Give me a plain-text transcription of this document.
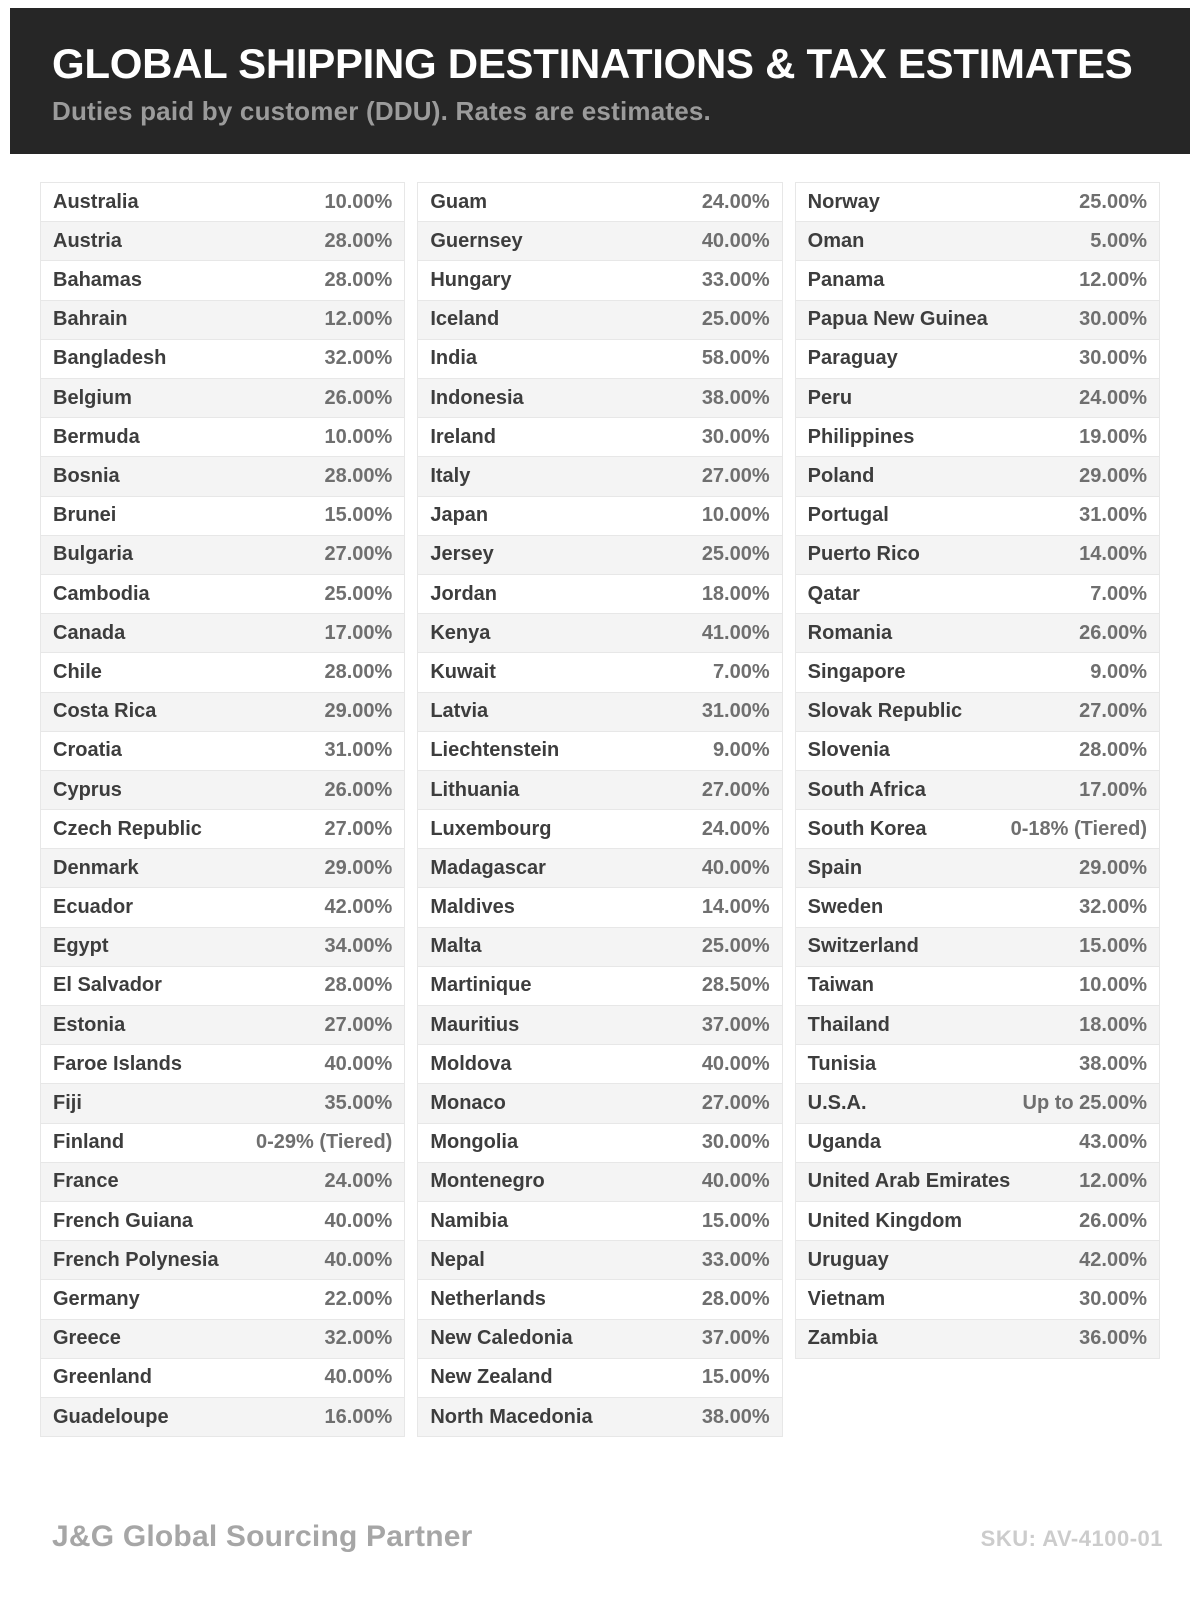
GLOBAL SHIPPING DESTINATIONS & TAX ESTIMATES
Duties paid by customer (DDU). Rates are estimates.
Australia	10.00%
Austria	28.00%
Bahamas	28.00%
Bahrain	12.00%
Bangladesh	32.00%
Belgium	26.00%
Bermuda	10.00%
Bosnia	28.00%
Brunei	15.00%
Bulgaria	27.00%
Cambodia	25.00%
Canada	17.00%
Chile	28.00%
Costa Rica	29.00%
Croatia	31.00%
Cyprus	26.00%
Czech Republic	27.00%
Denmark	29.00%
Ecuador	42.00%
Egypt	34.00%
El Salvador	28.00%
Estonia	27.00%
Faroe Islands	40.00%
Fiji	35.00%
Finland	0-29% (Tiered)
France	24.00%
French Guiana	40.00%
French Polynesia	40.00%
Germany	22.00%
Greece	32.00%
Greenland	40.00%
Guadeloupe	16.00%
Guam	24.00%
Guernsey	40.00%
Hungary	33.00%
Iceland	25.00%
India	58.00%
Indonesia	38.00%
Ireland	30.00%
Italy	27.00%
Japan	10.00%
Jersey	25.00%
Jordan	18.00%
Kenya	41.00%
Kuwait	7.00%
Latvia	31.00%
Liechtenstein	9.00%
Lithuania	27.00%
Luxembourg	24.00%
Madagascar	40.00%
Maldives	14.00%
Malta	25.00%
Martinique	28.50%
Mauritius	37.00%
Moldova	40.00%
Monaco	27.00%
Mongolia	30.00%
Montenegro	40.00%
Namibia	15.00%
Nepal	33.00%
Netherlands	28.00%
New Caledonia	37.00%
New Zealand	15.00%
North Macedonia	38.00%
Norway	25.00%
Oman	5.00%
Panama	12.00%
Papua New Guinea	30.00%
Paraguay	30.00%
Peru	24.00%
Philippines	19.00%
Poland	29.00%
Portugal	31.00%
Puerto Rico	14.00%
Qatar	7.00%
Romania	26.00%
Singapore	9.00%
Slovak Republic	27.00%
Slovenia	28.00%
South Africa	17.00%
South Korea	0-18% (Tiered)
Spain	29.00%
Sweden	32.00%
Switzerland	15.00%
Taiwan	10.00%
Thailand	18.00%
Tunisia	38.00%
U.S.A.	Up to 25.00%
Uganda	43.00%
United Arab Emirates	12.00%
United Kingdom	26.00%
Uruguay	42.00%
Vietnam	30.00%
Zambia	36.00%
J&G Global Sourcing Partner	SKU: AV-4100-01
